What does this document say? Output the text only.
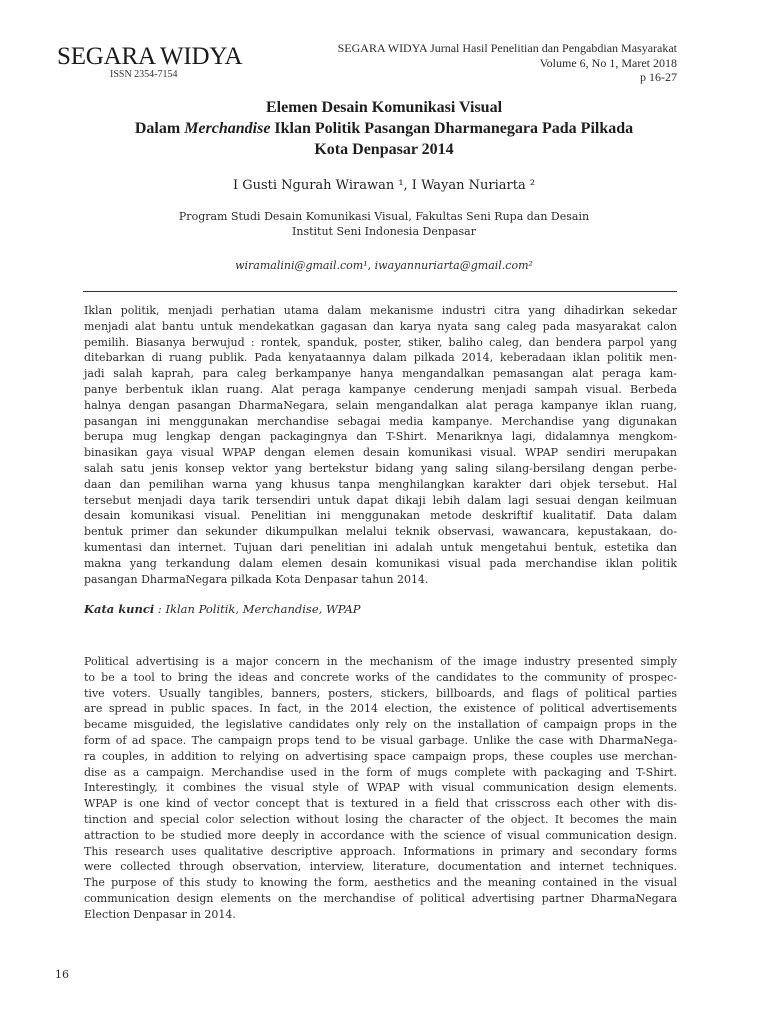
SEGARA WIDYA
ISSN 2354-7154
SEGARA WIDYA Jurnal Hasil Penelitian dan Pengabdian Masyarakat
Volume 6, No 1, Maret 2018
p 16-27
Elemen Desain Komunikasi Visual
Dalam Merchandise Iklan Politik Pasangan Dharmanegara Pada Pilkada
Kota Denpasar 2014
I Gusti Ngurah Wirawan ¹, I Wayan Nuriarta ²
Program Studi Desain Komunikasi Visual, Fakultas Seni Rupa dan Desain
Institut Seni Indonesia Denpasar
wiramalini@gmail.com¹, iwayannuriarta@gmail.com²
Iklan politik, menjadi perhatian utama dalam mekanisme industri citra yang dihadirkan sekedar
menjadi alat bantu untuk mendekatkan gagasan dan karya nyata sang caleg pada masyarakat calon
pemilih. Biasanya berwujud : rontek, spanduk, poster, stiker, baliho caleg, dan bendera parpol yang
ditebarkan di ruang publik. Pada kenyataannya dalam pilkada 2014, keberadaan iklan politik men-
jadi salah kaprah, para caleg berkampanye hanya mengandalkan pemasangan alat peraga kam-
panye berbentuk iklan ruang. Alat peraga kampanye cenderung menjadi sampah visual. Berbeda
halnya dengan pasangan DharmaNegara, selain mengandalkan alat peraga kampanye iklan ruang,
pasangan ini menggunakan merchandise sebagai media kampanye. Merchandise yang digunakan
berupa mug lengkap dengan packagingnya dan T-Shirt. Menariknya lagi, didalamnya mengkom-
binasikan gaya visual WPAP dengan elemen desain komunikasi visual. WPAP sendiri merupakan
salah satu jenis konsep vektor yang bertekstur bidang yang saling silang-bersilang dengan perbe-
daan dan pemilihan warna yang khusus tanpa menghilangkan karakter dari objek tersebut. Hal
tersebut menjadi daya tarik tersendiri untuk dapat dikaji lebih dalam lagi sesuai dengan keilmuan
desain komunikasi visual. Penelitian ini menggunakan metode deskriftif kualitatif. Data dalam
bentuk primer dan sekunder dikumpulkan melalui teknik observasi, wawancara, kepustakaan, do-
kumentasi dan internet. Tujuan dari penelitian ini adalah untuk mengetahui bentuk, estetika dan
makna yang terkandung dalam elemen desain komunikasi visual pada merchandise iklan politik
pasangan DharmaNegara pilkada Kota Denpasar tahun 2014.
Kata kunci : Iklan Politik, Merchandise, WPAP
Political advertising is a major concern in the mechanism of the image industry presented simply
to be a tool to bring the ideas and concrete works of the candidates to the community of prospec-
tive voters. Usually tangibles, banners, posters, stickers, billboards, and flags of political parties
are spread in public spaces. In fact, in the 2014 election, the existence of political advertisements
became misguided, the legislative candidates only rely on the installation of campaign props in the
form of ad space. The campaign props tend to be visual garbage. Unlike the case with DharmaNega-
ra couples, in addition to relying on advertising space campaign props, these couples use merchan-
dise as a campaign. Merchandise used in the form of mugs complete with packaging and T-Shirt.
Interestingly, it combines the visual style of WPAP with visual communication design elements.
WPAP is one kind of vector concept that is textured in a field that crisscross each other with dis-
tinction and special color selection without losing the character of the object. It becomes the main
attraction to be studied more deeply in accordance with the science of visual communication design.
This research uses qualitative descriptive approach. Informations in primary and secondary forms
were collected through observation, interview, literature, documentation and internet techniques.
The purpose of this study to knowing the form, aesthetics and the meaning contained in the visual
communication design elements on the merchandise of political advertising partner DharmaNegara
Election Denpasar in 2014.
16
